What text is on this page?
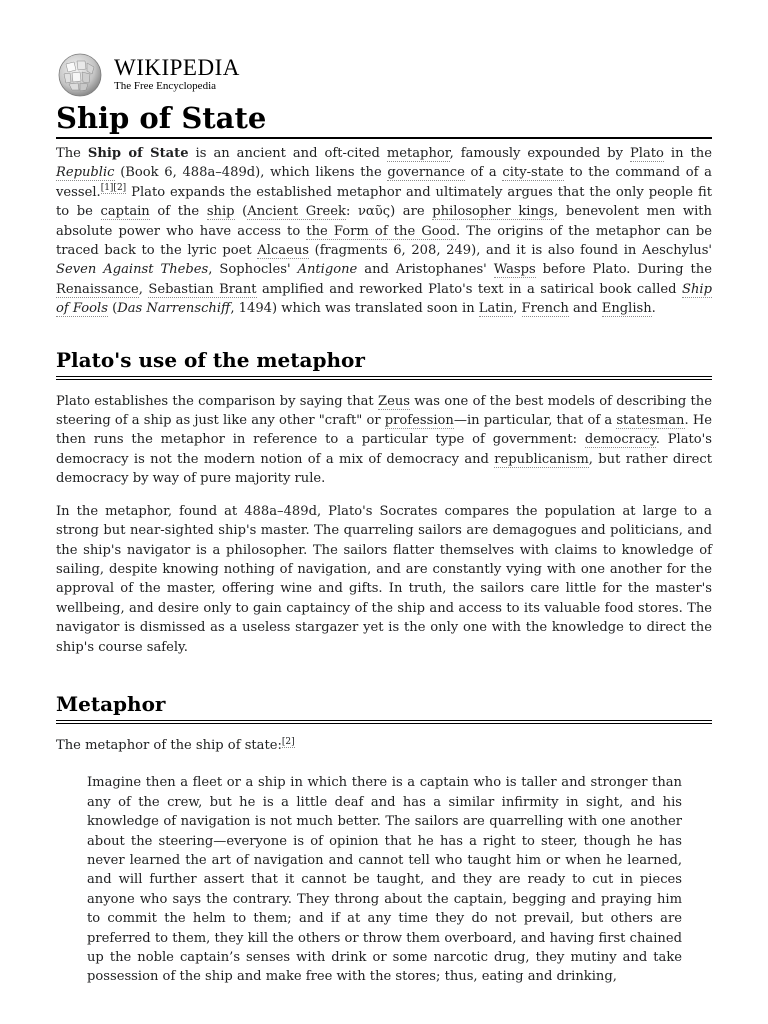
WIKIPEDIA
The Free Encyclopedia
Ship of State

The Ship of State is an ancient and oft-cited metaphor, famously expounded by Plato in the Republic (Book 6, 488a–489d), which likens the governance of a city-state to the command of a vessel.[1][2] Plato expands the established metaphor and ultimately argues that the only people fit to be captain of the ship (Ancient Greek: ναῦς) are philosopher kings, benevolent men with absolute power who have access to the Form of the Good. The origins of the metaphor can be traced back to the lyric poet Alcaeus (fragments 6, 208, 249), and it is also found in Aeschylus' Seven Against Thebes, Sophocles' Antigone and Aristophanes' Wasps before Plato. During the Renaissance, Sebastian Brant amplified and reworked Plato's text in a satirical book called Ship of Fools (Das Narrenschiff, 1494) which was translated soon in Latin, French and English.

Plato's use of the metaphor

Plato establishes the comparison by saying that Zeus was one of the best models of describing the steering of a ship as just like any other "craft" or profession—in particular, that of a statesman. He then runs the metaphor in reference to a particular type of government: democracy. Plato's democracy is not the modern notion of a mix of democracy and republicanism, but rather direct democracy by way of pure majority rule.

In the metaphor, found at 488a–489d, Plato's Socrates compares the population at large to a strong but near-sighted ship's master. The quarreling sailors are demagogues and politicians, and the ship's navigator is a philosopher. The sailors flatter themselves with claims to knowledge of sailing, despite knowing nothing of navigation, and are constantly vying with one another for the approval of the master, offering wine and gifts. In truth, the sailors care little for the master's wellbeing, and desire only to gain captaincy of the ship and access to its valuable food stores. The navigator is dismissed as a useless stargazer yet is the only one with the knowledge to direct the ship's course safely.

Metaphor

The metaphor of the ship of state:[2]

Imagine then a fleet or a ship in which there is a captain who is taller and stronger than any of the crew, but he is a little deaf and has a similar infirmity in sight, and his knowledge of navigation is not much better. The sailors are quarrelling with one another about the steering—everyone is of opinion that he has a right to steer, though he has never learned the art of navigation and cannot tell who taught him or when he learned, and will further assert that it cannot be taught, and they are ready to cut in pieces anyone who says the contrary. They throng about the captain, begging and praying him to commit the helm to them; and if at any time they do not prevail, but others are preferred to them, they kill the others or throw them overboard, and having first chained up the noble captain’s senses with drink or some narcotic drug, they mutiny and take possession of the ship and make free with the stores; thus, eating and drinking,
